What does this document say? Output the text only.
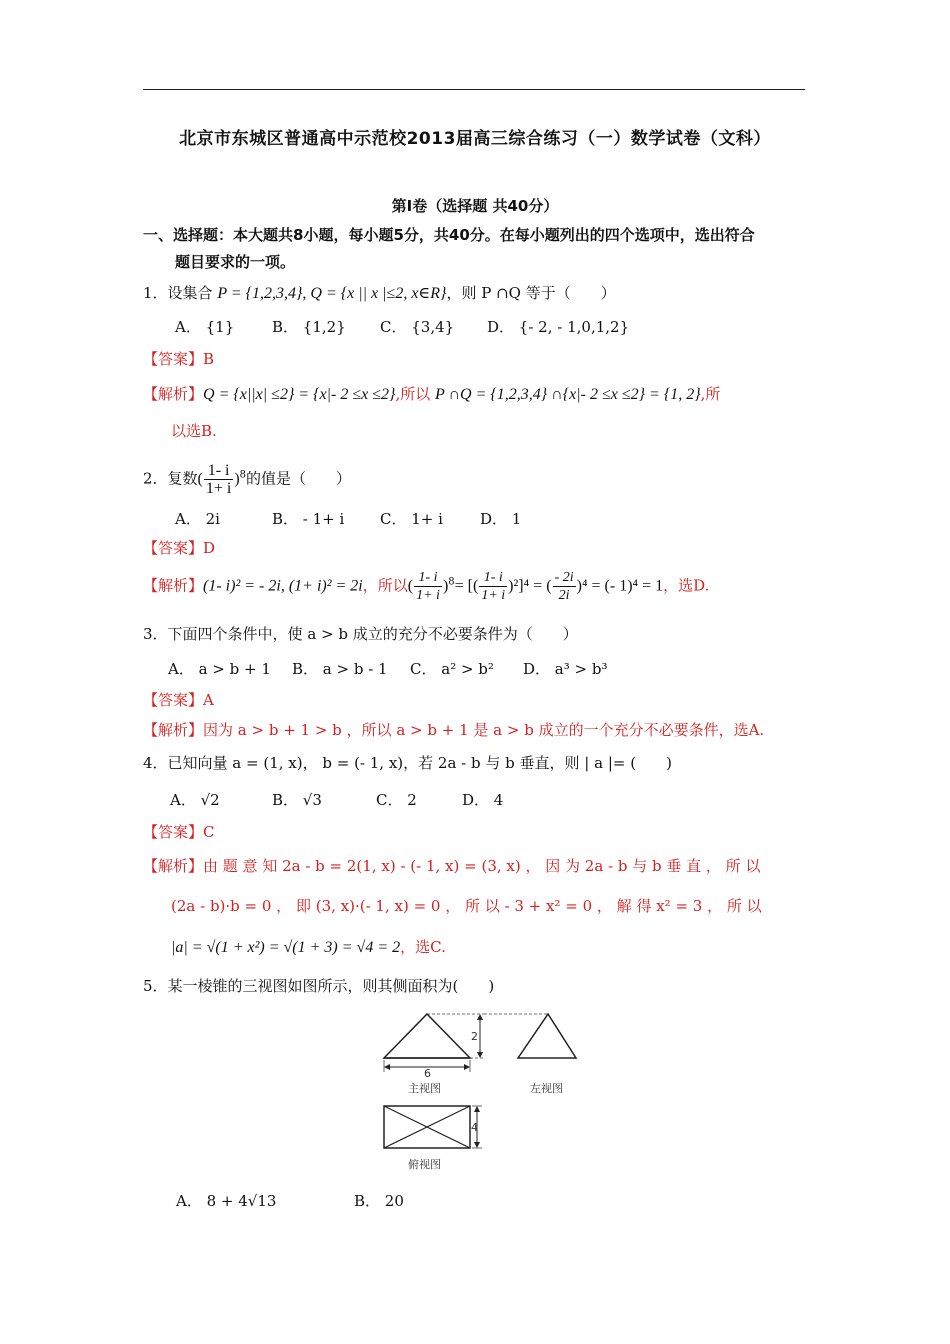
北京市东城区普通高中示范校2013届高三综合练习（一）数学试卷（文科）
第Ⅰ卷（选择题 共40分）
一、选择题：本大题共8小题，每小题5分，共40分。在每小题列出的四个选项中，选出符合
题目要求的一项。
1．设集合 P = {1,2,3,4}, Q = {x || x |≤2, x∈R}，则 P ∩Q 等于（　　）
A． {1}	B． {1,2} C． {3,4} D． {- 2, - 1,0,1,2}
【答案】B
【解析】Q = {x||x| ≤2} = {x|- 2 ≤x ≤2},所以 P ∩Q = {1,2,3,4} ∩{x|- 2 ≤x ≤2} = {1, 2},所
以选B.
2．复数( $\frac{1- i}{1+ i} )^8$的值是（　　）
A． 2i	B． - 1+ i C． 1+ i D． 1
【答案】D
【解析】(1- i)² = - 2i, (1+ i)² = 2i，所以( $\frac{1- i}{1+ i} )^8=$ [( $\frac{1- i}{1+ i} )^2]^4$ = ( $\frac{- 2i}{2i} )^4$ = (- 1)⁴ = 1，选D.
3．下面四个条件中，使 a > b 成立的充分不必要条件为（　　）
A． a > b + 1 B． a > b - 1 C． a² > b² D． a³ > b³
【答案】A
【解析】因为 a > b + 1 > b ，所以 a > b + 1 是 a > b 成立的一个充分不必要条件，选A.
4．已知向量 a = (1, x)， b = (- 1, x)，若 2a - b 与 b 垂直，则 | a |= (　　)
A． √2	B． √3	C． 2	D． 4
【答案】C
【解析】由 题 意 知 2a - b = 2(1, x) - (- 1, x) = (3, x) ， 因 为 2a - b 与 b 垂 直 ， 所 以
(2a - b)·b = 0 ， 即 (3, x)·(- 1, x) = 0 ， 所 以 - 3 + x² = 0 ， 解 得 x² = 3 ， 所 以
|a| = √(1 + x²) = √(1 + 3) = √4 = 2，选C.
5．某一棱锥的三视图如图所示，则其侧面积为(　　)
2
6
主视图	左视图
4
俯视图
A． 8 + 4√13	B． 20
